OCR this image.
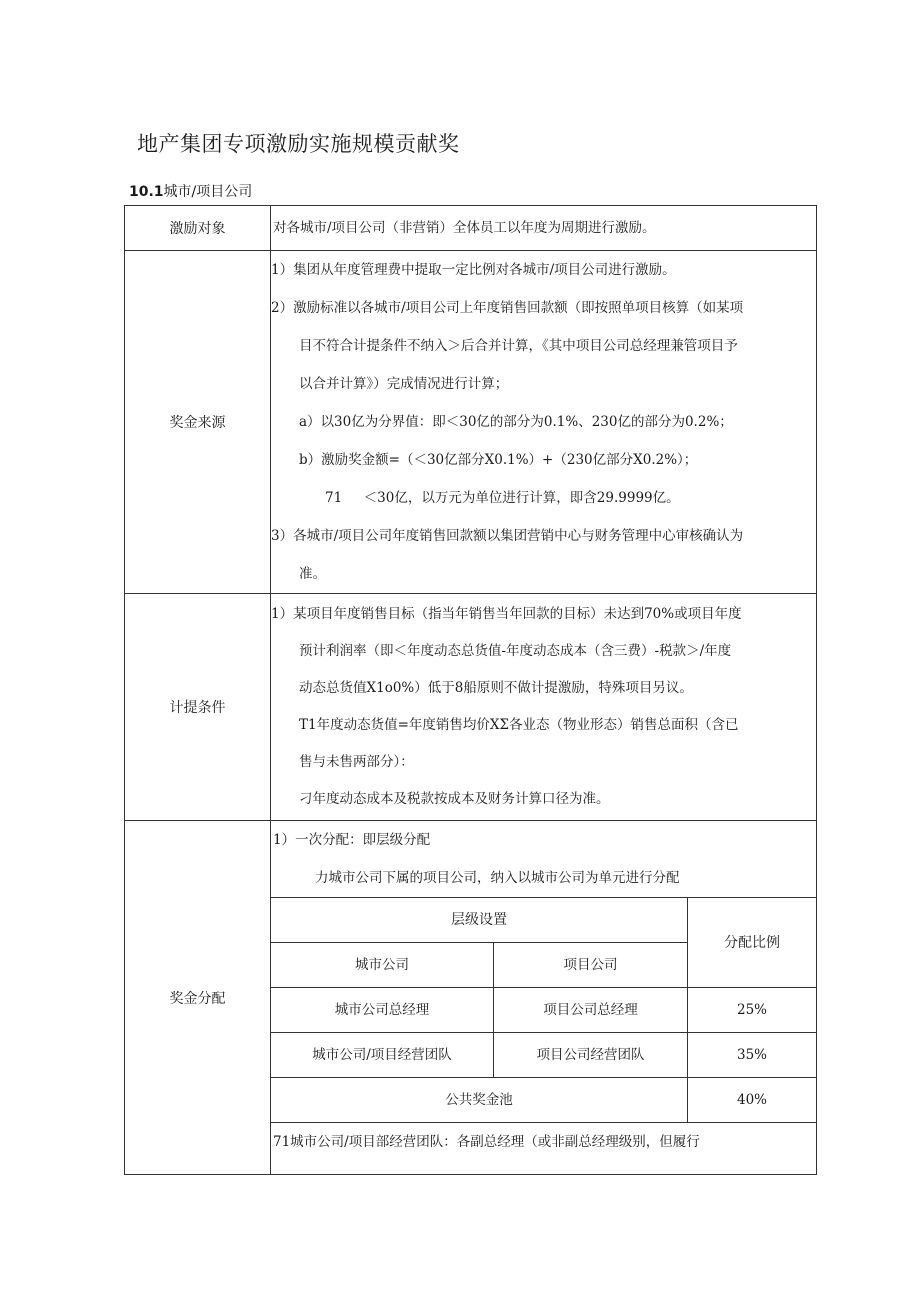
地产集团专项激励实施规模贡献奖
10.1城市/项目公司
激励对象	对各城市/项目公司（非营销）全体员工以年度为周期进行激励。

奖金来源	
1）集团从年度管理费中提取一定比例对各城市/项目公司进行激励。
2）激励标准以各城市/项目公司上年度销售回款额（即按照单项目核算（如某项
目不符合计提条件不纳入＞后合并计算，《其中项目公司总经理兼管项目予
以合并计算》）完成情况进行计算；
a）以30亿为分界值：即＜30亿的部分为0.1%、230亿的部分为0.2%；
b）激励奖金额=（＜30亿部分X0.1%）+（230亿部分X0.2%）；
71     ＜30亿，以万元为单位进行计算，即含29.9999亿。
3）各城市/项目公司年度销售回款额以集团营销中心与财务管理中心审核确认为
准。

计提条件	
1）某项目年度销售目标（指当年销售当年回款的目标）未达到70%或项目年度
预计利润率（即＜年度动态总货值-年度动态成本（含三费）-税款＞/年度
动态总货值X1o0%）低于8船原则不做计提激励，特殊项目另议。
T1年度动态货值=年度销售均价XΣ各业态（物业形态）销售总面积（含已
售与未售两部分）：
刁年度动态成本及税款按成本及财务计算口径为准。

奖金分配	
1）一次分配：即层级分配
力城市公司下属的项目公司，纳入以城市公司为单元进行分配
层级设置	分配比例
城市公司	项目公司
城市公司总经理	项目公司总经理	25%
城市公司/项目经营团队	项目公司经营团队	35%
公共奖金池	40%
71城市公司/项目部经营团队：各副总经理（或非副总经理级别，但履行
